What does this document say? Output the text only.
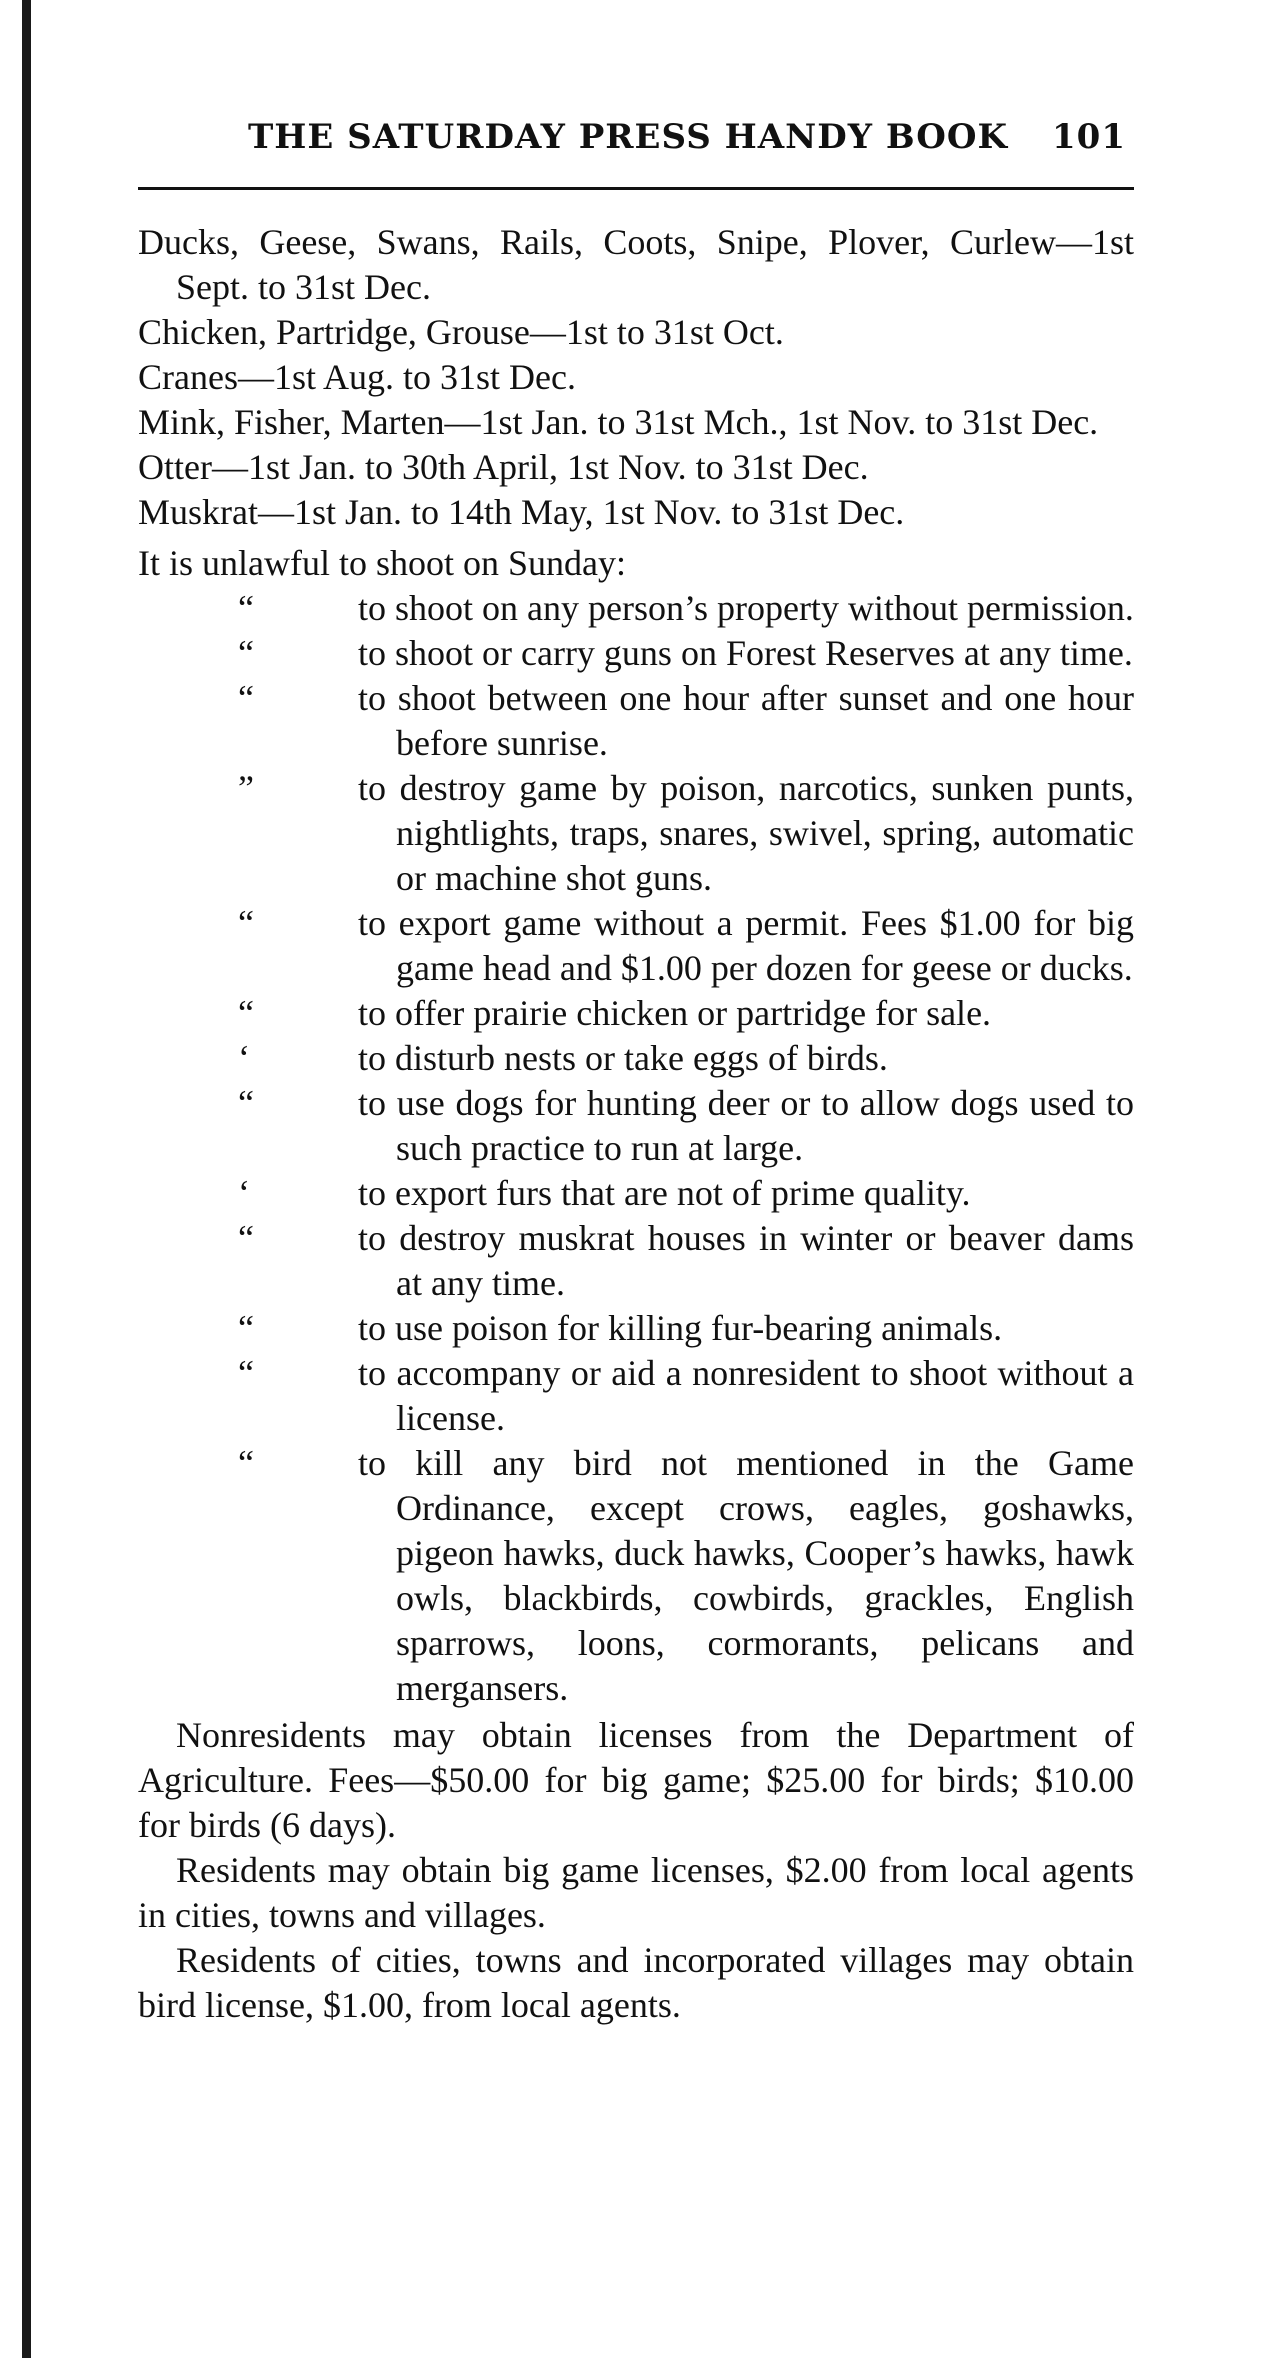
THE SATURDAY PRESS HANDY BOOK 101
Ducks, Geese, Swans, Rails, Coots, Snipe, Plover, Curlew—1st Sept. to 31st Dec.
Chicken, Partridge, Grouse—1st to 31st Oct.
Cranes—1st Aug. to 31st Dec.
Mink, Fisher, Marten—1st Jan. to 31st Mch., 1st Nov. to 31st Dec.
Otter—1st Jan. to 30th April, 1st Nov. to 31st Dec.
Muskrat—1st Jan. to 14th May, 1st Nov. to 31st Dec.
It is unlawful to shoot on Sunday:
“	to shoot on any person’s property without permission.
“	to shoot or carry guns on Forest Reserves at any time.
“	to shoot between one hour after sunset and one hour before sunrise.
”	to destroy game by poison, narcotics, sunken punts, nightlights, traps, snares, swivel, spring, automatic or machine shot guns.
“	to export game without a permit. Fees $1.00 for big game head and $1.00 per dozen for geese or ducks.
“	to offer prairie chicken or partridge for sale.
‘	to disturb nests or take eggs of birds.
“	to use dogs for hunting deer or to allow dogs used to such practice to run at large.
‘	to export furs that are not of prime quality.
“	to destroy muskrat houses in winter or beaver dams at any time.
“	to use poison for killing fur-bearing animals.
“	to accompany or aid a nonresident to shoot without a license.
“	to kill any bird not mentioned in the Game Ordinance, except crows, eagles, goshawks, pigeon hawks, duck hawks, Cooper’s hawks, hawk owls, blackbirds, cowbirds, grackles, English sparrows, loons, cormorants, pelicans and mergansers.
Nonresidents may obtain licenses from the Department of Agriculture. Fees—$50.00 for big game; $25.00 for birds; $10.00 for birds (6 days).
Residents may obtain big game licenses, $2.00 from local agents in cities, towns and villages.
Residents of cities, towns and incorporated villages may obtain bird license, $1.00, from local agents.
